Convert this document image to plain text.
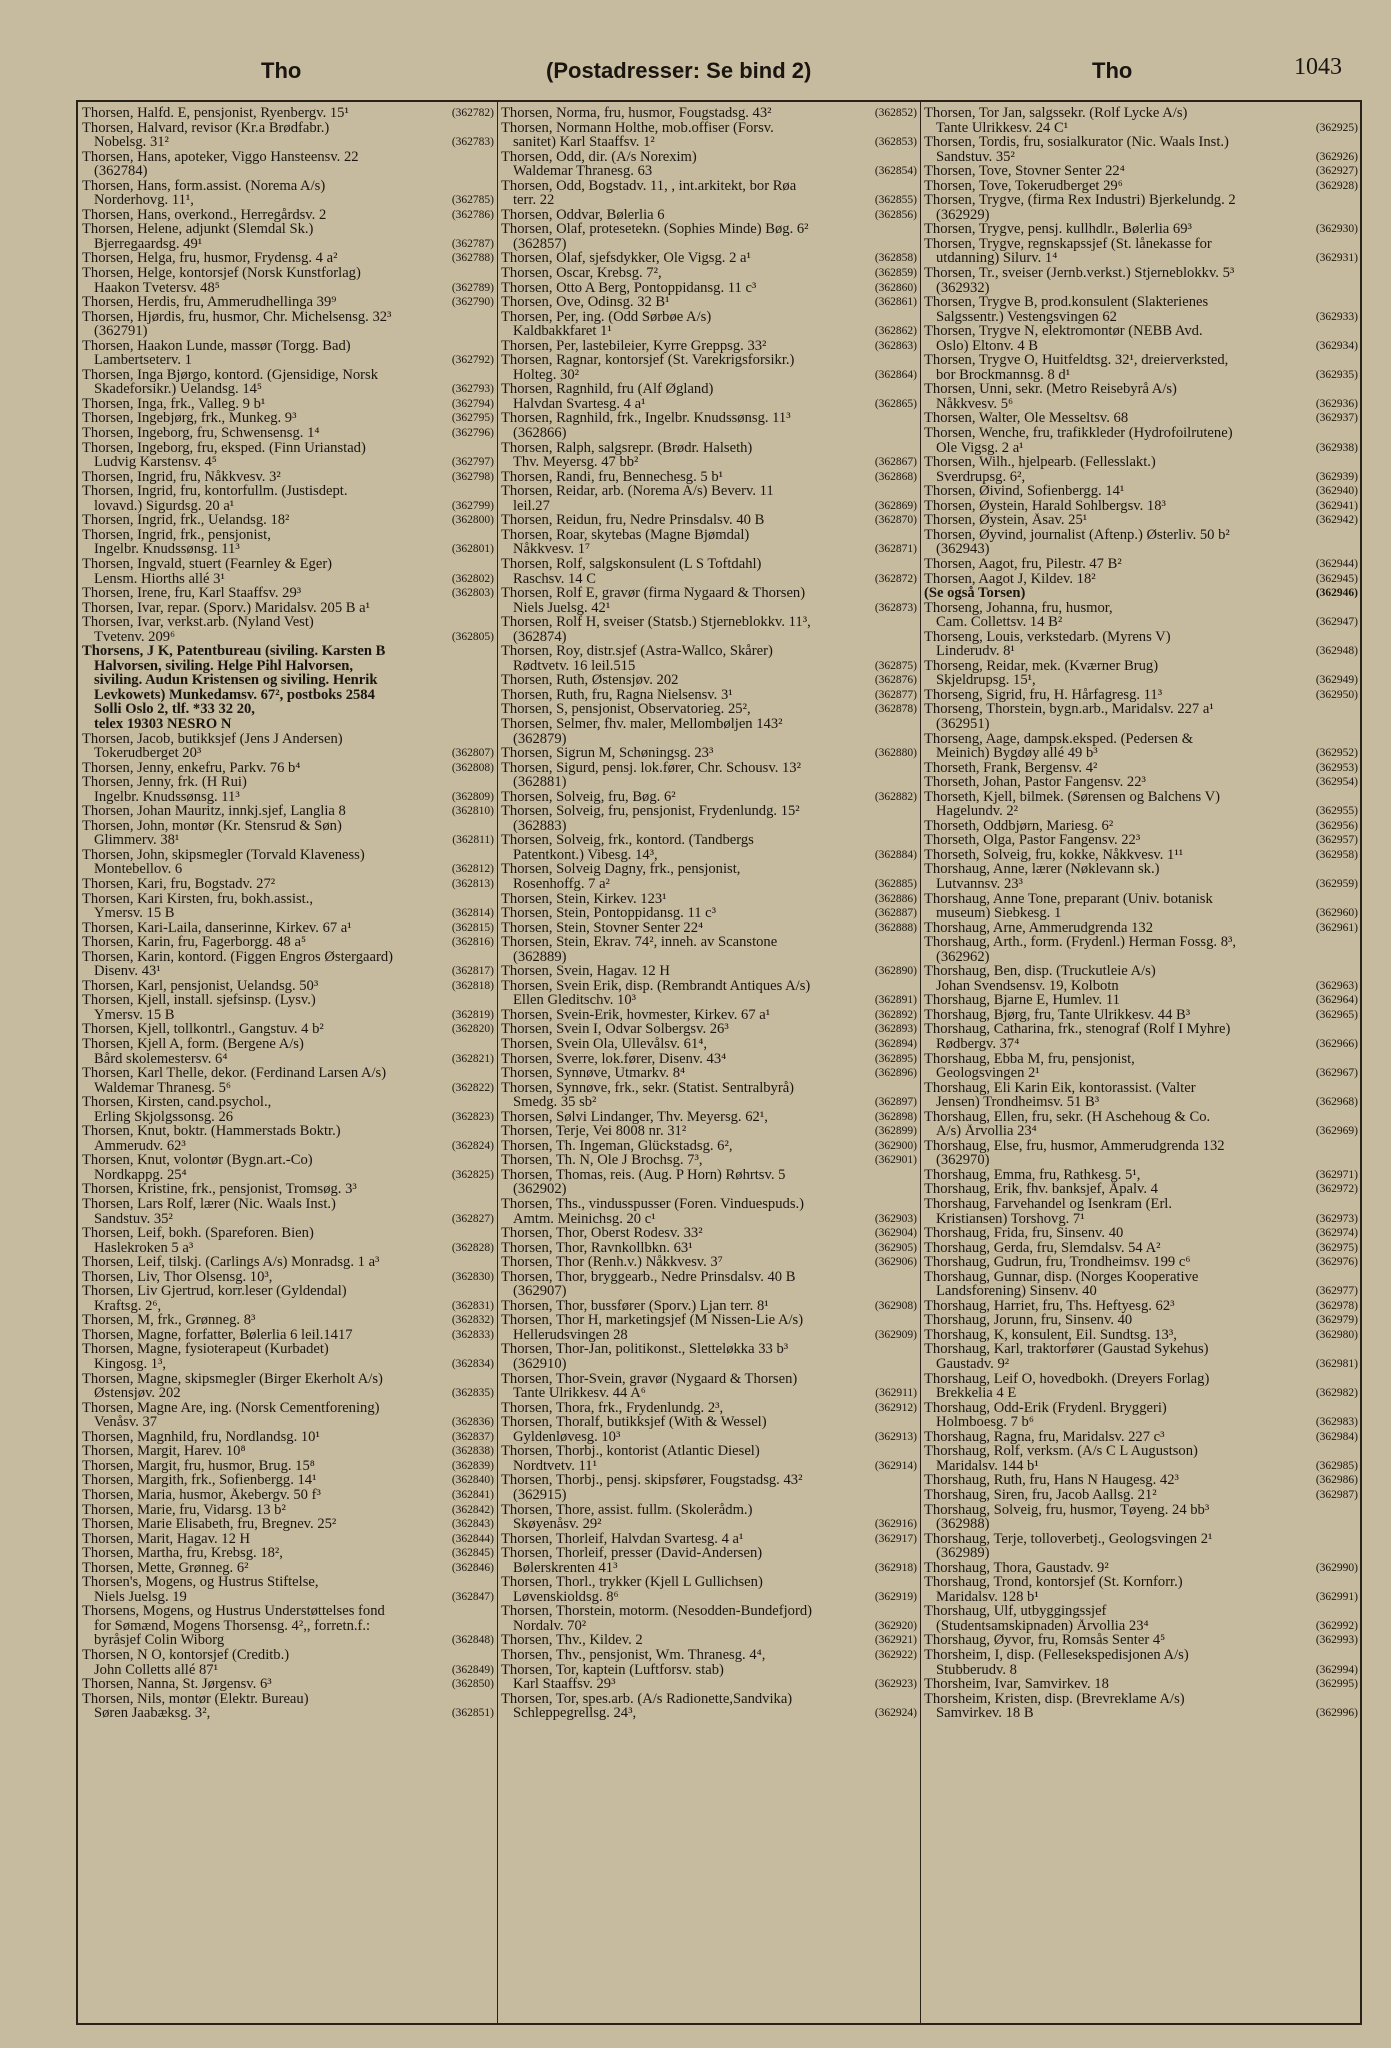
Tho	(Postadresser: Se bind 2)	Tho	1043
Thorsen, Halfd. E, pensjonist, Ryenbergv. 15¹	(362782)
Thorsen, Halvard, revisor (Kr.a Brødfabr.)
Nobelsg. 31²	(362783)
Thorsen, Hans, apoteker, Viggo Hansteensv. 22
(362784)
Thorsen, Hans, form.assist. (Norema A/s)
Norderhovg. 11¹,	(362785)
Thorsen, Hans, overkond., Herregårdsv. 2	(362786)
Thorsen, Helene, adjunkt (Slemdal Sk.)
Bjerregaardsg. 49¹	(362787)
Thorsen, Helga, fru, husmor, Frydensg. 4 a²	(362788)
Thorsen, Helge, kontorsjef (Norsk Kunstforlag)
Haakon Tvetersv. 48⁵	(362789)
Thorsen, Herdis, fru, Ammerudhellinga 39⁹	(362790)
Thorsen, Hjørdis, fru, husmor, Chr. Michelsensg. 32³
(362791)
Thorsen, Haakon Lunde, massør (Torgg. Bad)
Lambertseterv. 1	(362792)
Thorsen, Inga Bjørgo, kontord. (Gjensidige, Norsk
Skadeforsikr.) Uelandsg. 14⁵	(362793)
Thorsen, Inga, frk., Valleg. 9 b¹	(362794)
Thorsen, Ingebjørg, frk., Munkeg. 9³	(362795)
Thorsen, Ingeborg, fru, Schwensensg. 1⁴	(362796)
Thorsen, Ingeborg, fru, eksped. (Finn Urianstad)
Ludvig Karstensv. 4⁵	(362797)
Thorsen, Ingrid, fru, Nåkkvesv. 3²	(362798)
Thorsen, Ingrid, fru, kontorfullm. (Justisdept.
lovavd.) Sigurdsg. 20 a¹	(362799)
Thorsen, Ingrid, frk., Uelandsg. 18²	(362800)
Thorsen, Ingrid, frk., pensjonist,
Ingelbr. Knudssønsg. 11³	(362801)
Thorsen, Ingvald, stuert (Fearnley & Eger)
Lensm. Hiorths allé 3¹	(362802)
Thorsen, Irene, fru, Karl Staaffsv. 29³	(362803)
Thorsen, Ivar, repar. (Sporv.) Maridalsv. 205 B a¹
Thorsen, Ivar, verkst.arb. (Nyland Vest)
Tvetenv. 209⁶	(362805)
Thorsens, J K, Patentbureau (siviling. Karsten B
Halvorsen, siviling. Helge Pihl Halvorsen,
siviling. Audun Kristensen og siviling. Henrik
Levkowets) Munkedamsv. 67², postboks 2584
Solli Oslo 2, tlf. *33 32 20,
telex 19303 NESRO N
Thorsen, Jacob, butikksjef (Jens J Andersen)
Tokerudberget 20³	(362807)
Thorsen, Jenny, enkefru, Parkv. 76 b⁴	(362808)
Thorsen, Jenny, frk. (H Rui)
Ingelbr. Knudssønsg. 11³	(362809)
Thorsen, Johan Mauritz, innkj.sjef, Langlia 8	(362810)
Thorsen, John, montør (Kr. Stensrud & Søn)
Glimmerv. 38¹	(362811)
Thorsen, John, skipsmegler (Torvald Klaveness)
Montebellov. 6	(362812)
Thorsen, Kari, fru, Bogstadv. 27²	(362813)
Thorsen, Kari Kirsten, fru, bokh.assist.,
Ymersv. 15 B	(362814)
Thorsen, Kari-Laila, danserinne, Kirkev. 67 a¹	(362815)
Thorsen, Karin, fru, Fagerborgg. 48 a⁵	(362816)
Thorsen, Karin, kontord. (Figgen Engros Østergaard)
Disenv. 43¹	(362817)
Thorsen, Karl, pensjonist, Uelandsg. 50³	(362818)
Thorsen, Kjell, install. sjefsinsp. (Lysv.)
Ymersv. 15 B	(362819)
Thorsen, Kjell, tollkontrl., Gangstuv. 4 b²	(362820)
Thorsen, Kjell A, form. (Bergene A/s)
Bård skolemestersv. 6⁴	(362821)
Thorsen, Karl Thelle, dekor. (Ferdinand Larsen A/s)
Waldemar Thranesg. 5⁶	(362822)
Thorsen, Kirsten, cand.psychol.,
Erling Skjolgssonsg. 26	(362823)
Thorsen, Knut, boktr. (Hammerstads Boktr.)
Ammerudv. 62³	(362824)
Thorsen, Knut, volontør (Bygn.art.-Co)
Nordkappg. 25⁴	(362825)
Thorsen, Kristine, frk., pensjonist, Tromsøg. 3³
Thorsen, Lars Rolf, lærer (Nic. Waals Inst.)
Sandstuv. 35²	(362827)
Thorsen, Leif, bokh. (Spareforen. Bien)
Haslekroken 5 a³	(362828)
Thorsen, Leif, tilskj. (Carlings A/s) Monradsg. 1 a³
Thorsen, Liv, Thor Olsensg. 10³,	(362830)
Thorsen, Liv Gjertrud, korr.leser (Gyldendal)
Kraftsg. 2⁶,	(362831)
Thorsen, M, frk., Grønneg. 8³	(362832)
Thorsen, Magne, forfatter, Bølerlia 6 leil.1417	(362833)
Thorsen, Magne, fysioterapeut (Kurbadet)
Kingosg. 1³,	(362834)
Thorsen, Magne, skipsmegler (Birger Ekerholt A/s)
Østensjøv. 202	(362835)
Thorsen, Magne Are, ing. (Norsk Cementforening)
Venåsv. 37	(362836)
Thorsen, Magnhild, fru, Nordlandsg. 10¹	(362837)
Thorsen, Margit, Harev. 10⁸	(362838)
Thorsen, Margit, fru, husmor, Brug. 15⁸	(362839)
Thorsen, Margith, frk., Sofienbergg. 14¹	(362840)
Thorsen, Maria, husmor, Åkebergv. 50 f³	(362841)
Thorsen, Marie, fru, Vidarsg. 13 b²	(362842)
Thorsen, Marie Elisabeth, fru, Bregnev. 25²	(362843)
Thorsen, Marit, Hagav. 12 H	(362844)
Thorsen, Martha, fru, Krebsg. 18²,	(362845)
Thorsen, Mette, Grønneg. 6²	(362846)
Thorsen's, Mogens, og Hustrus Stiftelse,
Niels Juelsg. 19	(362847)
Thorsens, Mogens, og Hustrus Understøttelses fond
for Sømænd, Mogens Thorsensg. 4²,, forretn.f.:
byråsjef Colin Wiborg	(362848)
Thorsen, N O, kontorsjef (Creditb.)
John Colletts allé 87¹	(362849)
Thorsen, Nanna, St. Jørgensv. 6³	(362850)
Thorsen, Nils, montør (Elektr. Bureau)
Søren Jaabæksg. 3²,	(362851)
Thorsen, Norma, fru, husmor, Fougstadsg. 43²	(362852)
Thorsen, Normann Holthe, mob.offiser (Forsv.
sanitet) Karl Staaffsv. 1²	(362853)
Thorsen, Odd, dir. (A/s Norexim)
Waldemar Thranesg. 63	(362854)
Thorsen, Odd, Bogstadv. 11, , int.arkitekt, bor Røa
terr. 22	(362855)
Thorsen, Oddvar, Bølerlia 6	(362856)
Thorsen, Olaf, protesetekn. (Sophies Minde) Bøg. 6²
(362857)
Thorsen, Olaf, sjefsdykker, Ole Vigsg. 2 a¹	(362858)
Thorsen, Oscar, Krebsg. 7²,	(362859)
Thorsen, Otto A Berg, Pontoppidansg. 11 c³	(362860)
Thorsen, Ove, Odinsg. 32 B¹	(362861)
Thorsen, Per, ing. (Odd Sørbøe A/s)
Kaldbakkfaret 1¹	(362862)
Thorsen, Per, lastebileier, Kyrre Greppsg. 33²	(362863)
Thorsen, Ragnar, kontorsjef (St. Varekrigsforsikr.)
Holteg. 30²	(362864)
Thorsen, Ragnhild, fru (Alf Øgland)
Halvdan Svartesg. 4 a¹	(362865)
Thorsen, Ragnhild, frk., Ingelbr. Knudssønsg. 11³
(362866)
Thorsen, Ralph, salgsrepr. (Brødr. Halseth)
Thv. Meyersg. 47 bb²	(362867)
Thorsen, Randi, fru, Bennechesg. 5 b¹	(362868)
Thorsen, Reidar, arb. (Norema A/s) Beverv. 11
leil.27	(362869)
Thorsen, Reidun, fru, Nedre Prinsdalsv. 40 B	(362870)
Thorsen, Roar, skytebas (Magne Bjømdal)
Nåkkvesv. 1⁷	(362871)
Thorsen, Rolf, salgskonsulent (L S Toftdahl)
Raschsv. 14 C	(362872)
Thorsen, Rolf E, gravør (firma Nygaard & Thorsen)
Niels Juelsg. 42¹	(362873)
Thorsen, Rolf H, sveiser (Statsb.) Stjerneblokkv. 11³,
(362874)
Thorsen, Roy, distr.sjef (Astra-Wallco, Skårer)
Rødtvetv. 16 leil.515	(362875)
Thorsen, Ruth, Østensjøv. 202	(362876)
Thorsen, Ruth, fru, Ragna Nielsensv. 3¹	(362877)
Thorsen, S, pensjonist, Observatorieg. 25²,	(362878)
Thorsen, Selmer, fhv. maler, Mellombøljen 143²
(362879)
Thorsen, Sigrun M, Schøningsg. 23³	(362880)
Thorsen, Sigurd, pensj. lok.fører, Chr. Schousv. 13²
(362881)
Thorsen, Solveig, fru, Bøg. 6²	(362882)
Thorsen, Solveig, fru, pensjonist, Frydenlundg. 15²
(362883)
Thorsen, Solveig, frk., kontord. (Tandbergs
Patentkont.) Vibesg. 14³,	(362884)
Thorsen, Solveig Dagny, frk., pensjonist,
Rosenhoffg. 7 a²	(362885)
Thorsen, Stein, Kirkev. 123¹	(362886)
Thorsen, Stein, Pontoppidansg. 11 c³	(362887)
Thorsen, Stein, Stovner Senter 22⁴	(362888)
Thorsen, Stein, Ekrav. 74², inneh. av Scanstone
(362889)
Thorsen, Svein, Hagav. 12 H	(362890)
Thorsen, Svein Erik, disp. (Rembrandt Antiques A/s)
Ellen Gleditschv. 10³	(362891)
Thorsen, Svein-Erik, hovmester, Kirkev. 67 a¹	(362892)
Thorsen, Svein I, Odvar Solbergsv. 26³	(362893)
Thorsen, Svein Ola, Ullevålsv. 61⁴,	(362894)
Thorsen, Sverre, lok.fører, Disenv. 43⁴	(362895)
Thorsen, Synnøve, Utmarkv. 8⁴	(362896)
Thorsen, Synnøve, frk., sekr. (Statist. Sentralbyrå)
Smedg. 35 sb²	(362897)
Thorsen, Sølvi Lindanger, Thv. Meyersg. 62¹,	(362898)
Thorsen, Terje, Vei 8008 nr. 31²	(362899)
Thorsen, Th. Ingeman, Glückstadsg. 6²,	(362900)
Thorsen, Th. N, Ole J Brochsg. 7³,	(362901)
Thorsen, Thomas, reis. (Aug. P Horn) Røhrtsv. 5
(362902)
Thorsen, Ths., vindusspusser (Foren. Vinduespuds.)
Amtm. Meinichsg. 20 c¹	(362903)
Thorsen, Thor, Oberst Rodesv. 33²	(362904)
Thorsen, Thor, Ravnkollbkn. 63¹	(362905)
Thorsen, Thor (Renh.v.) Nåkkvesv. 3⁷	(362906)
Thorsen, Thor, bryggearb., Nedre Prinsdalsv. 40 B
(362907)
Thorsen, Thor, bussfører (Sporv.) Ljan terr. 8¹	(362908)
Thorsen, Thor H, marketingsjef (M Nissen-Lie A/s)
Hellerudsvingen 28	(362909)
Thorsen, Thor-Jan, politikonst., Sletteløkka 33 b³
(362910)
Thorsen, Thor-Svein, gravør (Nygaard & Thorsen)
Tante Ulrikkesv. 44 A⁶	(362911)
Thorsen, Thora, frk., Frydenlundg. 2³,	(362912)
Thorsen, Thoralf, butikksjef (With & Wessel)
Gyldenløvesg. 10³	(362913)
Thorsen, Thorbj., kontorist (Atlantic Diesel)
Nordtvetv. 11¹	(362914)
Thorsen, Thorbj., pensj. skipsfører, Fougstadsg. 43²
(362915)
Thorsen, Thore, assist. fullm. (Skolerådm.)
Skøyenåsv. 29²	(362916)
Thorsen, Thorleif, Halvdan Svartesg. 4 a¹	(362917)
Thorsen, Thorleif, presser (David-Andersen)
Bølerskrenten 41³	(362918)
Thorsen, Thorl., trykker (Kjell L Gullichsen)
Løvenskioldsg. 8⁶	(362919)
Thorsen, Thorstein, motorm. (Nesodden-Bundefjord)
Nordalv. 70²	(362920)
Thorsen, Thv., Kildev. 2	(362921)
Thorsen, Thv., pensjonist, Wm. Thranesg. 4⁴,	(362922)
Thorsen, Tor, kaptein (Luftforsv. stab)
Karl Staaffsv. 29³	(362923)
Thorsen, Tor, spes.arb. (A/s Radionette,Sandvika)
Schleppegrellsg. 24³,	(362924)
Thorsen, Tor Jan, salgssekr. (Rolf Lycke A/s)
Tante Ulrikkesv. 24 C¹	(362925)
Thorsen, Tordis, fru, sosialkurator (Nic. Waals Inst.)
Sandstuv. 35²	(362926)
Thorsen, Tove, Stovner Senter 22⁴	(362927)
Thorsen, Tove, Tokerudberget 29⁶	(362928)
Thorsen, Trygve, (firma Rex Industri) Bjerkelundg. 2
(362929)
Thorsen, Trygve, pensj. kullhdlr., Bølerlia 69³	(362930)
Thorsen, Trygve, regnskapssjef (St. lånekasse for
utdanning) Silurv. 1⁴	(362931)
Thorsen, Tr., sveiser (Jernb.verkst.) Stjerneblokkv. 5³
(362932)
Thorsen, Trygve B, prod.konsulent (Slakterienes
Salgssentr.) Vestengsvingen 62	(362933)
Thorsen, Trygve N, elektromontør (NEBB Avd.
Oslo) Eltonv. 4 B	(362934)
Thorsen, Trygve O, Huitfeldtsg. 32¹, dreierverksted,
bor Brockmannsg. 8 d¹	(362935)
Thorsen, Unni, sekr. (Metro Reisebyrå A/s)
Nåkkvesv. 5⁶	(362936)
Thorsen, Walter, Ole Messeltsv. 68	(362937)
Thorsen, Wenche, fru, trafikkleder (Hydrofoilrutene)
Ole Vigsg. 2 a¹	(362938)
Thorsen, Wilh., hjelpearb. (Fellesslakt.)
Sverdrupsg. 6²,	(362939)
Thorsen, Øivind, Sofienbergg. 14¹	(362940)
Thorsen, Øystein, Harald Sohlbergsv. 18³	(362941)
Thorsen, Øystein, Åsav. 25¹	(362942)
Thorsen, Øyvind, journalist (Aftenp.) Østerliv. 50 b²
(362943)
Thorsen, Aagot, fru, Pilestr. 47 B²	(362944)
Thorsen, Aagot J, Kildev. 18²	(362945)
(Se også Torsen)	(362946)
Thorseng, Johanna, fru, husmor,
Cam. Collettsv. 14 B²	(362947)
Thorseng, Louis, verkstedarb. (Myrens V)
Linderudv. 8¹	(362948)
Thorseng, Reidar, mek. (Kværner Brug)
Skjeldrupsg. 15¹,	(362949)
Thorseng, Sigrid, fru, H. Hårfagresg. 11³	(362950)
Thorseng, Thorstein, bygn.arb., Maridalsv. 227 a¹
(362951)
Thorseng, Aage, dampsk.eksped. (Pedersen &
Meinich) Bygdøy allé 49 b³	(362952)
Thorseth, Frank, Bergensv. 4²	(362953)
Thorseth, Johan, Pastor Fangensv. 22³	(362954)
Thorseth, Kjell, bilmek. (Sørensen og Balchens V)
Hagelundv. 2²	(362955)
Thorseth, Oddbjørn, Mariesg. 6²	(362956)
Thorseth, Olga, Pastor Fangensv. 22³	(362957)
Thorseth, Solveig, fru, kokke, Nåkkvesv. 1¹¹	(362958)
Thorshaug, Anne, lærer (Nøklevann sk.)
Lutvannsv. 23³	(362959)
Thorshaug, Anne Tone, preparant (Univ. botanisk
museum) Siebkesg. 1	(362960)
Thorshaug, Arne, Ammerudgrenda 132	(362961)
Thorshaug, Arth., form. (Frydenl.) Herman Fossg. 8³,
(362962)
Thorshaug, Ben, disp. (Truckutleie A/s)
Johan Svendsensv. 19, Kolbotn	(362963)
Thorshaug, Bjarne E, Humlev. 11	(362964)
Thorshaug, Bjørg, fru, Tante Ulrikkesv. 44 B³	(362965)
Thorshaug, Catharina, frk., stenograf (Rolf I Myhre)
Rødbergv. 37⁴	(362966)
Thorshaug, Ebba M, fru, pensjonist,
Geologsvingen 2¹	(362967)
Thorshaug, Eli Karin Eik, kontorassist. (Valter
Jensen) Trondheimsv. 51 B³	(362968)
Thorshaug, Ellen, fru, sekr. (H Aschehoug & Co.
A/s) Årvollia 23⁴	(362969)
Thorshaug, Else, fru, husmor, Ammerudgrenda 132
(362970)
Thorshaug, Emma, fru, Rathkesg. 5¹,	(362971)
Thorshaug, Erik, fhv. banksjef, Åpalv. 4	(362972)
Thorshaug, Farvehandel og Isenkram (Erl.
Kristiansen) Torshovg. 7¹	(362973)
Thorshaug, Frida, fru, Sinsenv. 40	(362974)
Thorshaug, Gerda, fru, Slemdalsv. 54 A²	(362975)
Thorshaug, Gudrun, fru, Trondheimsv. 199 c⁶	(362976)
Thorshaug, Gunnar, disp. (Norges Kooperative
Landsforening) Sinsenv. 40	(362977)
Thorshaug, Harriet, fru, Ths. Heftyesg. 62³	(362978)
Thorshaug, Jorunn, fru, Sinsenv. 40	(362979)
Thorshaug, K, konsulent, Eil. Sundtsg. 13³,	(362980)
Thorshaug, Karl, traktorfører (Gaustad Sykehus)
Gaustadv. 9²	(362981)
Thorshaug, Leif O, hovedbokh. (Dreyers Forlag)
Brekkelia 4 E	(362982)
Thorshaug, Odd-Erik (Frydenl. Bryggeri)
Holmboesg. 7 b⁶	(362983)
Thorshaug, Ragna, fru, Maridalsv. 227 c³	(362984)
Thorshaug, Rolf, verksm. (A/s C L Augustson)
Maridalsv. 144 b¹	(362985)
Thorshaug, Ruth, fru, Hans N Haugesg. 42³	(362986)
Thorshaug, Siren, fru, Jacob Aallsg. 21²	(362987)
Thorshaug, Solveig, fru, husmor, Tøyeng. 24 bb³
(362988)
Thorshaug, Terje, tolloverbetj., Geologsvingen 2¹
(362989)
Thorshaug, Thora, Gaustadv. 9²	(362990)
Thorshaug, Trond, kontorsjef (St. Kornforr.)
Maridalsv. 128 b¹	(362991)
Thorshaug, Ulf, utbyggingssjef
(Studentsamskipnaden) Årvollia 23⁴	(362992)
Thorshaug, Øyvor, fru, Romsås Senter 4⁵	(362993)
Thorsheim, I, disp. (Fellesekspedisjonen A/s)
Stubberudv. 8	(362994)
Thorsheim, Ivar, Samvirkev. 18	(362995)
Thorsheim, Kristen, disp. (Brevreklame A/s)
Samvirkev. 18 B	(362996)
